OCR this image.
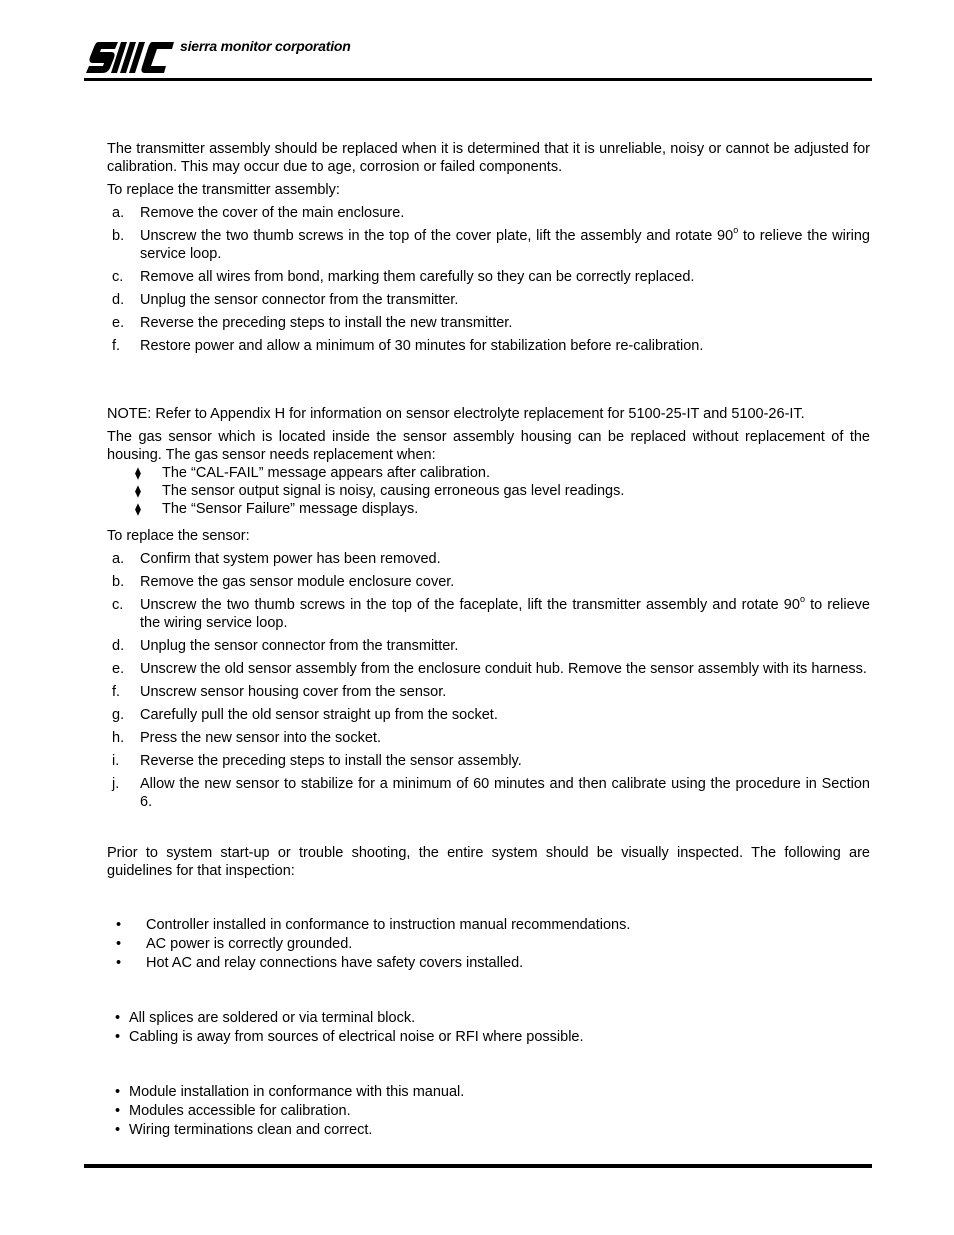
sierra monitor corporation

The transmitter assembly should be replaced when it is determined that it is unreliable, noisy or cannot be adjusted for calibration. This may occur due to age, corrosion or failed components.

To replace the transmitter assembly:

a. Remove the cover of the main enclosure.
b. Unscrew the two thumb screws in the top of the cover plate, lift the assembly and rotate 90$^o$ to relieve the wiring service loop.
c. Remove all wires from bond, marking them carefully so they can be correctly replaced.
d. Unplug the sensor connector from the transmitter.
e. Reverse the preceding steps to install the new transmitter.
f. Restore power and allow a minimum of 30 minutes for stabilization before re-calibration.

NOTE: Refer to Appendix H for information on sensor electrolyte replacement for 5100-25-IT and 5100-26-IT.

The gas sensor which is located inside the sensor assembly housing can be replaced without replacement of the housing. The gas sensor needs replacement when:

⧫ The “CAL-FAIL” message appears after calibration.
⧫ The sensor output signal is noisy, causing erroneous gas level readings.
⧫ The “Sensor Failure” message displays.

To replace the sensor:

a. Confirm that system power has been removed.
b. Remove the gas sensor module enclosure cover.
c. Unscrew the two thumb screws in the top of the faceplate, lift the transmitter assembly and rotate 90$^o$ to relieve the wiring service loop.
d. Unplug the sensor connector from the transmitter.
e. Unscrew the old sensor assembly from the enclosure conduit hub. Remove the sensor assembly with its harness.
f. Unscrew sensor housing cover from the sensor.
g. Carefully pull the old sensor straight up from the socket.
h. Press the new sensor into the socket.
i. Reverse the preceding steps to install the sensor assembly.
j. Allow the new sensor to stabilize for a minimum of 60 minutes and then calibrate using the procedure in Section 6.

Prior to system start-up or trouble shooting, the entire system should be visually inspected. The following are guidelines for that inspection:

• Controller installed in conformance to instruction manual recommendations.
• AC power is correctly grounded.
• Hot AC and relay connections have safety covers installed.
• All splices are soldered or via terminal block.
• Cabling is away from sources of electrical noise or RFI where possible.
• Module installation in conformance with this manual.
• Modules accessible for calibration.
• Wiring terminations clean and correct.
